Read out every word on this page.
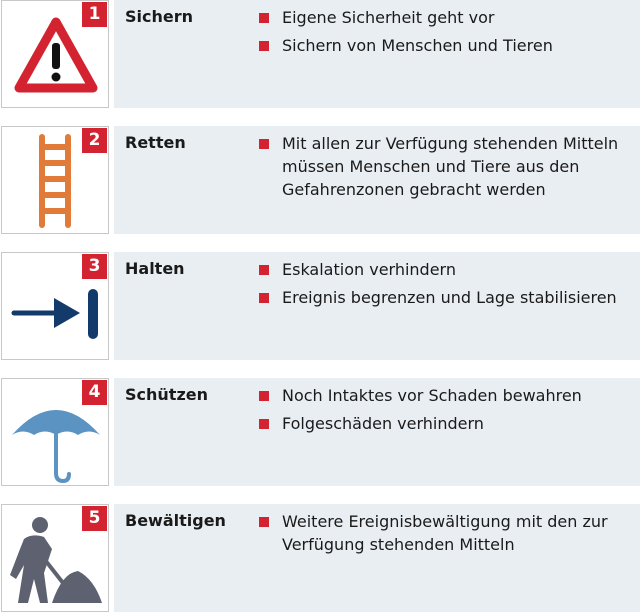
1	Sichern	Eigene Sicherheit geht vor
Sichern von Menschen und Tieren
2	Retten	Mit allen zur Verfügung stehenden Mitteln müssen Menschen und Tiere aus den Gefahrenzonen gebracht werden
3	Halten	Eskalation verhindern
Ereignis begrenzen und Lage stabilisieren
4	Schützen	Noch Intaktes vor Schaden bewahren
Folgeschäden verhindern
5	Bewältigen	Weitere Ereignisbewältigung mit den zur Verfügung stehenden Mitteln
